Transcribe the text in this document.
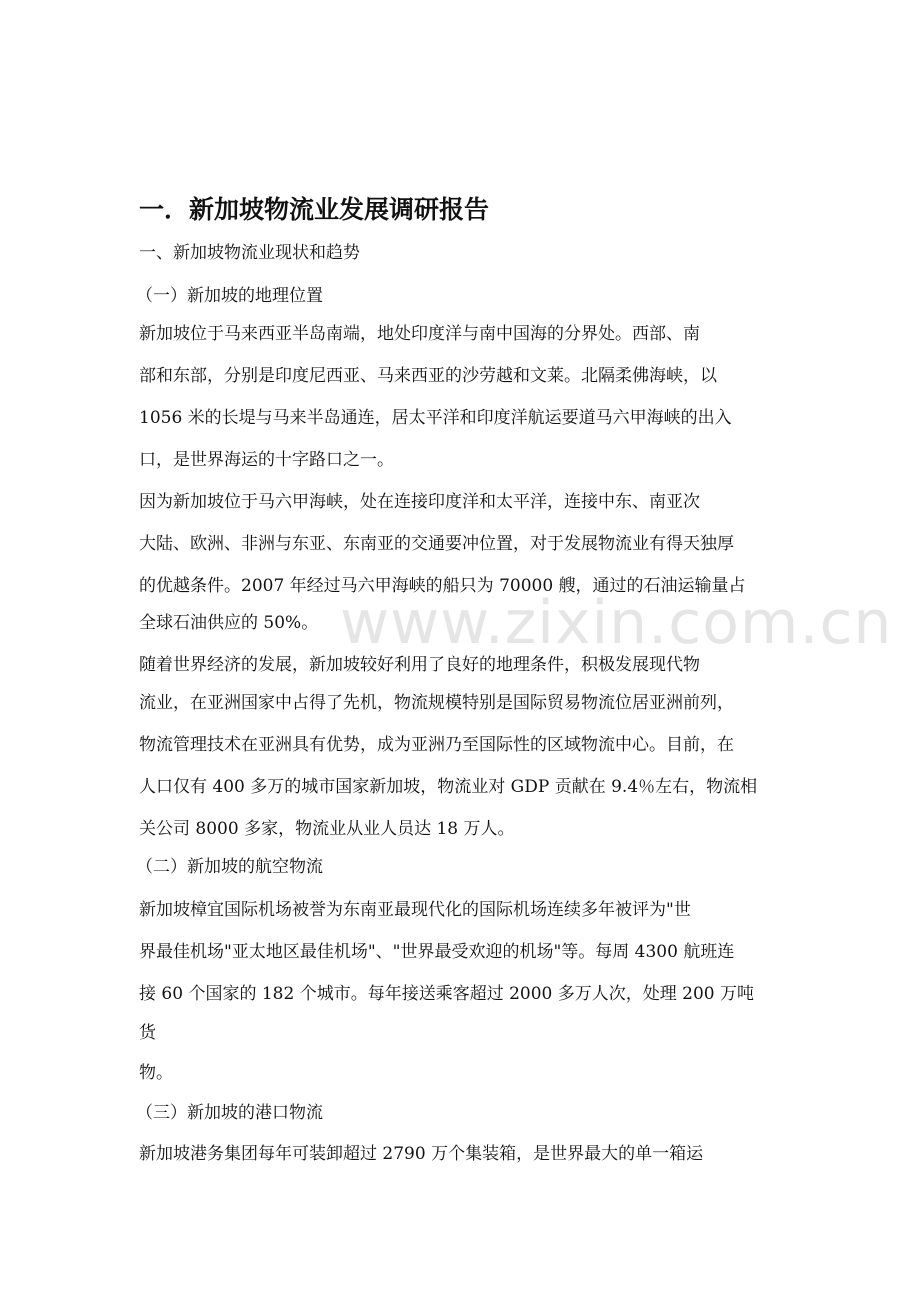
一．新加坡物流业发展调研报告
一、新加坡物流业现状和趋势
（一）新加坡的地理位置
新加坡位于马来西亚半岛南端，地处印度洋与南中国海的分界处。西部、南
部和东部，分别是印度尼西亚、马来西亚的沙劳越和文莱。北隔柔佛海峡，以
1056 米的长堤与马来半岛通连，居太平洋和印度洋航运要道马六甲海峡的出入
口，是世界海运的十字路口之一。
因为新加坡位于马六甲海峡，处在连接印度洋和太平洋，连接中东、南亚次
大陆、欧洲、非洲与东亚、东南亚的交通要冲位置，对于发展物流业有得天独厚
的优越条件。2007 年经过马六甲海峡的船只为 70000 艘，通过的石油运输量占
全球石油供应的 50%。
随着世界经济的发展，新加坡较好利用了良好的地理条件，积极发展现代物
流业，在亚洲国家中占得了先机，物流规模特别是国际贸易物流位居亚洲前列，
物流管理技术在亚洲具有优势，成为亚洲乃至国际性的区域物流中心。目前，在
人口仅有 400 多万的城市国家新加坡，物流业对 GDP 贡献在 9.4％左右，物流相
关公司 8000 多家，物流业从业人员达 18 万人。
（二）新加坡的航空物流
新加坡樟宜国际机场被誉为东南亚最现代化的国际机场连续多年被评为"世
界最佳机场"亚太地区最佳机场"、"世界最受欢迎的机场"等。每周 4300 航班连
接 60 个国家的 182 个城市。每年接送乘客超过 2000 多万人次，处理 200 万吨
货
物。
（三）新加坡的港口物流
新加坡港务集团每年可装卸超过 2790 万个集装箱，是世界最大的单一箱运
www.zixin.com.cn
